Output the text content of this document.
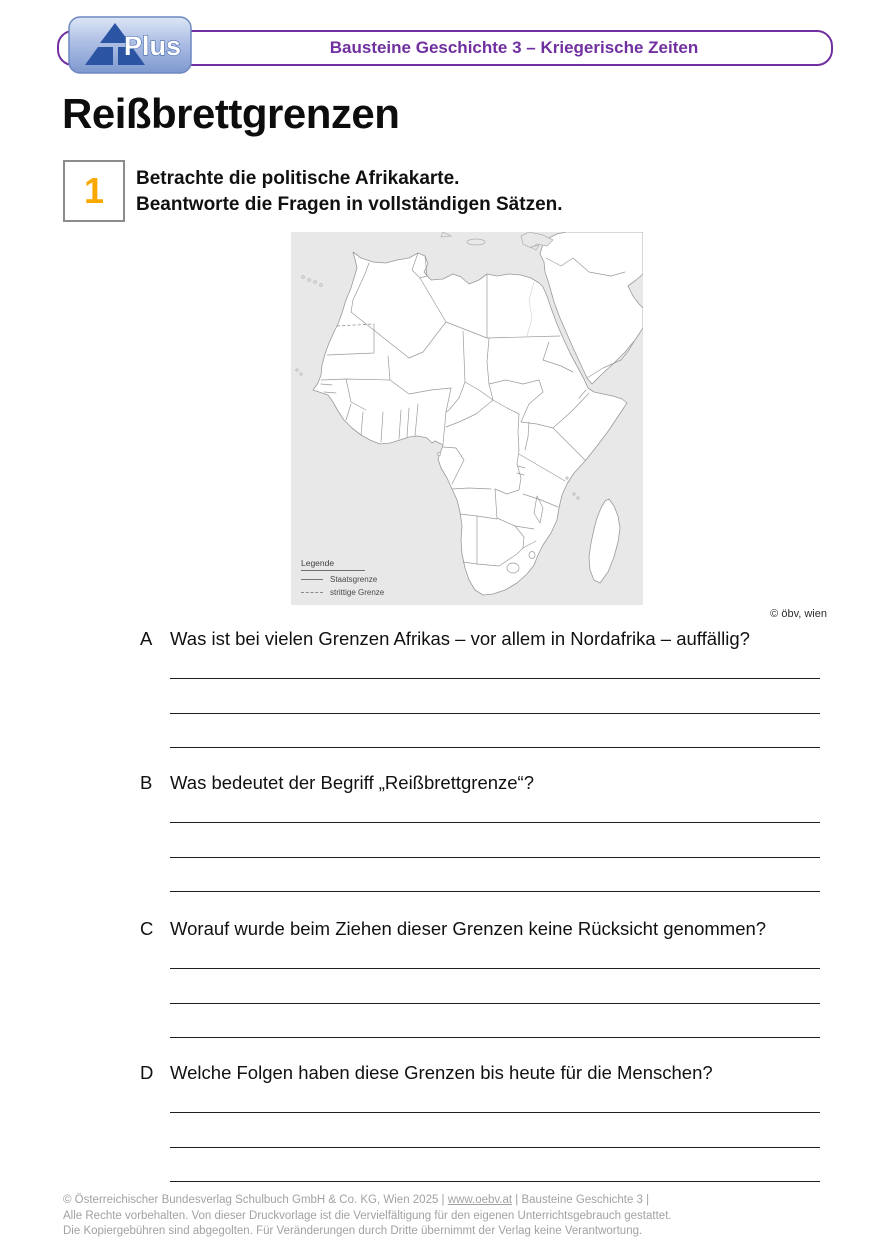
Bausteine Geschichte 3 – Kriegerische Zeiten
Plus
Reißbrettgrenzen
1 Betrachte die politische Afrikakarte.
Beantworte die Fragen in vollständigen Sätzen.
Legende
Staatsgrenze
strittige Grenze
© öbv, wien
A Was ist bei vielen Grenzen Afrikas – vor allem in Nordafrika – auffällig?
B Was bedeutet der Begriff „Reißbrettgrenze“?
C Worauf wurde beim Ziehen dieser Grenzen keine Rücksicht genommen?
D Welche Folgen haben diese Grenzen bis heute für die Menschen?
© Österreichischer Bundesverlag Schulbuch GmbH & Co. KG, Wien 2025 | www.oebv.at | Bausteine Geschichte 3 |
Alle Rechte vorbehalten. Von dieser Druckvorlage ist die Vervielfältigung für den eigenen Unterrichtsgebrauch gestattet.
Die Kopiergebühren sind abgegolten. Für Veränderungen durch Dritte übernimmt der Verlag keine Verantwortung.
